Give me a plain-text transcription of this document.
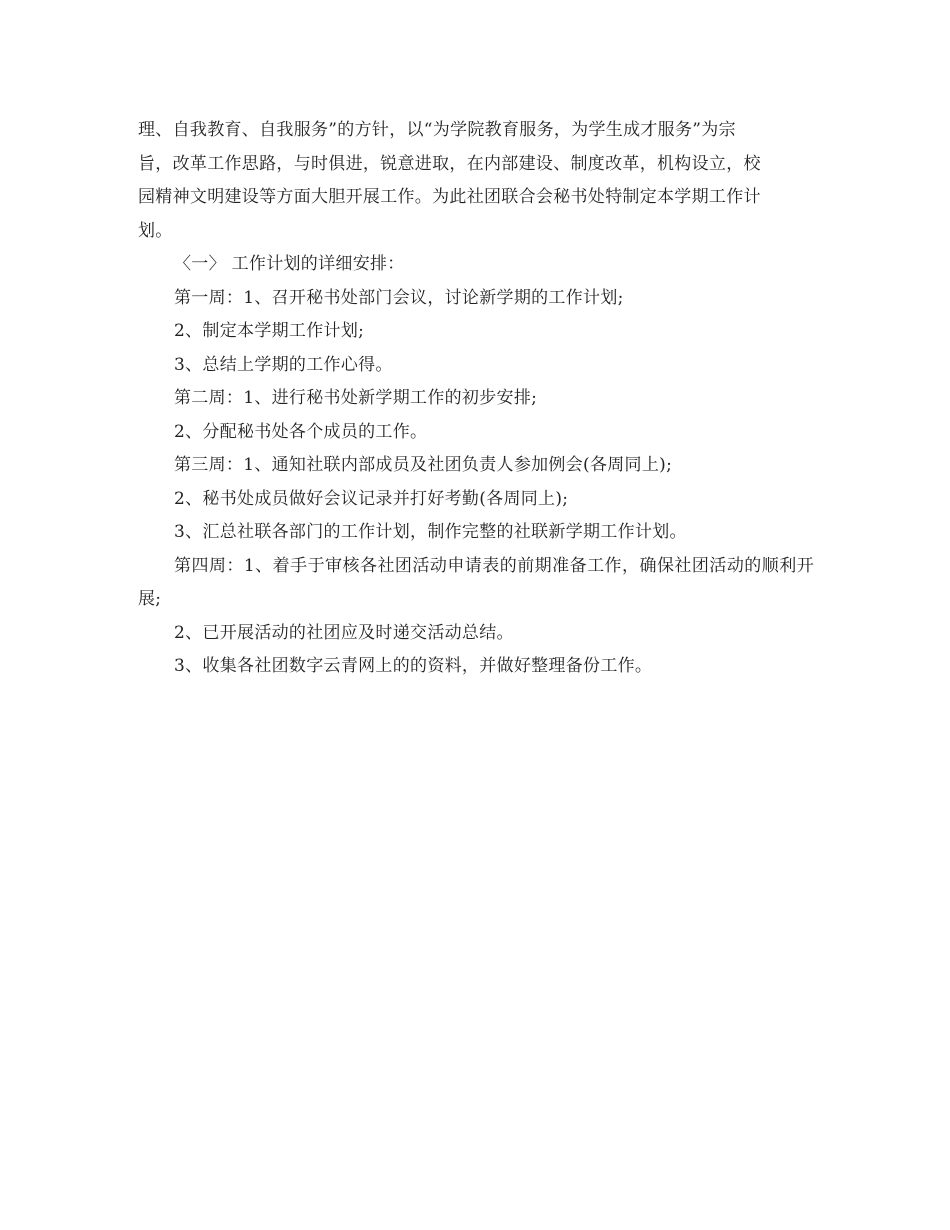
理、自我教育、自我服务”的方针，以“为学院教育服务，为学生成才服务”为宗
旨，改革工作思路，与时俱进，锐意进取，在内部建设、制度改革，机构设立，校
园精神文明建设等方面大胆开展工作。为此社团联合会秘书处特制定本学期工作计
划。

〈一〉 工作计划的详细安排：

第一周：1、召开秘书处部门会议，讨论新学期的工作计划;

2、制定本学期工作计划;

3、总结上学期的工作心得。

第二周：1、进行秘书处新学期工作的初步安排;

2、分配秘书处各个成员的工作。

第三周：1、通知社联内部成员及社团负责人参加例会(各周同上);

2、秘书处成员做好会议记录并打好考勤(各周同上);

3、汇总社联各部门的工作计划，制作完整的社联新学期工作计划。

第四周：1、着手于审核各社团活动申请表的前期准备工作，确保社团活动的顺利开展;

2、已开展活动的社团应及时递交活动总结。

3、收集各社团数字云青网上的的资料，并做好整理备份工作。
